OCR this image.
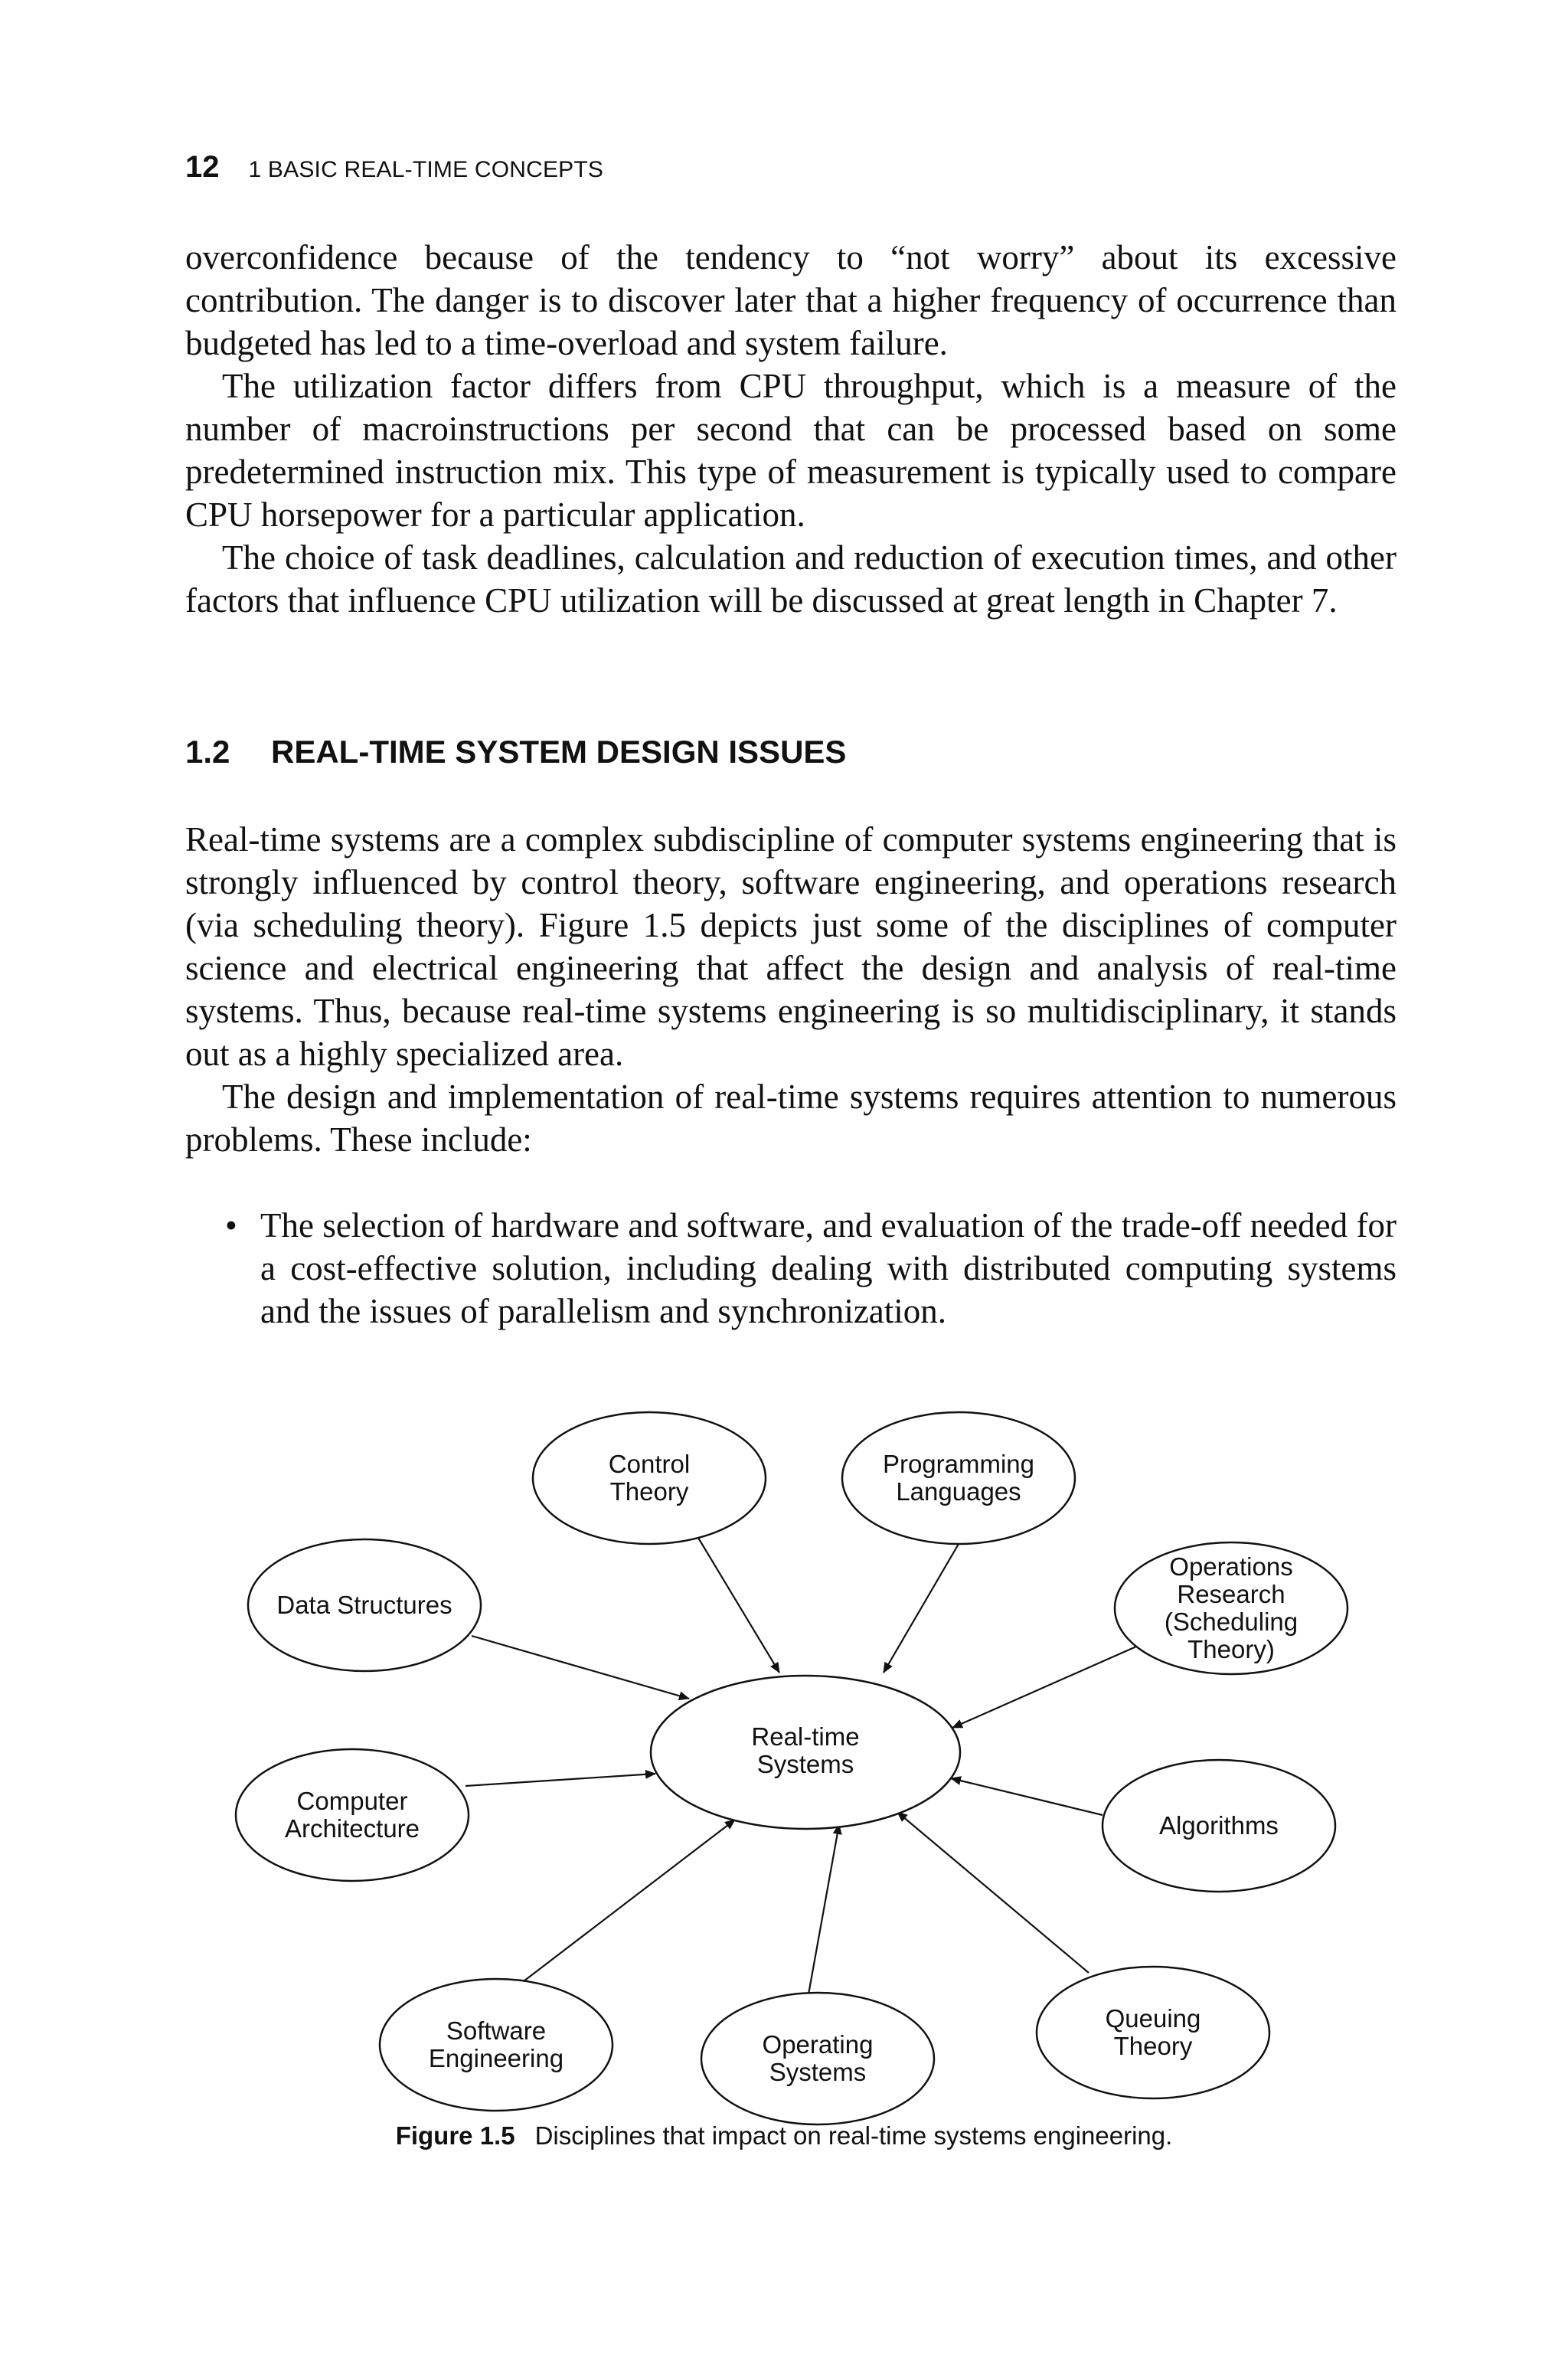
12 1 BASIC REAL-TIME CONCEPTS

overconfidence because of the tendency to “not worry” about its excessive contribution. The danger is to discover later that a higher frequency of occurrence than budgeted has led to a time-overload and system failure.

The utilization factor differs from CPU throughput, which is a measure of the number of macroinstructions per second that can be processed based on some predetermined instruction mix. This type of measurement is typically used to compare CPU horsepower for a particular application.

The choice of task deadlines, calculation and reduction of execution times, and other factors that influence CPU utilization will be discussed at great length in Chapter 7.

1.2 REAL-TIME SYSTEM DESIGN ISSUES

Real-time systems are a complex subdiscipline of computer systems engineering that is strongly influenced by control theory, software engineering, and operations research (via scheduling theory). Figure 1.5 depicts just some of the disciplines of computer science and electrical engineering that affect the design and analysis of real-time systems. Thus, because real-time systems engineering is so multidisciplinary, it stands out as a highly specialized area.

The design and implementation of real-time systems requires attention to numerous problems. These include:

• The selection of hardware and software, and evaluation of the trade-off needed for a cost-effective solution, including dealing with distributed computing systems and the issues of parallelism and synchronization.
Control Theory
Programming Languages
Data Structures
Operations Research (Scheduling Theory)
Computer Architecture	Algorithms
Software Engineering	Operating Systems
Queuing Theory
Real-time Systems
Figure 1.5 Disciplines that impact on real-time systems engineering.
